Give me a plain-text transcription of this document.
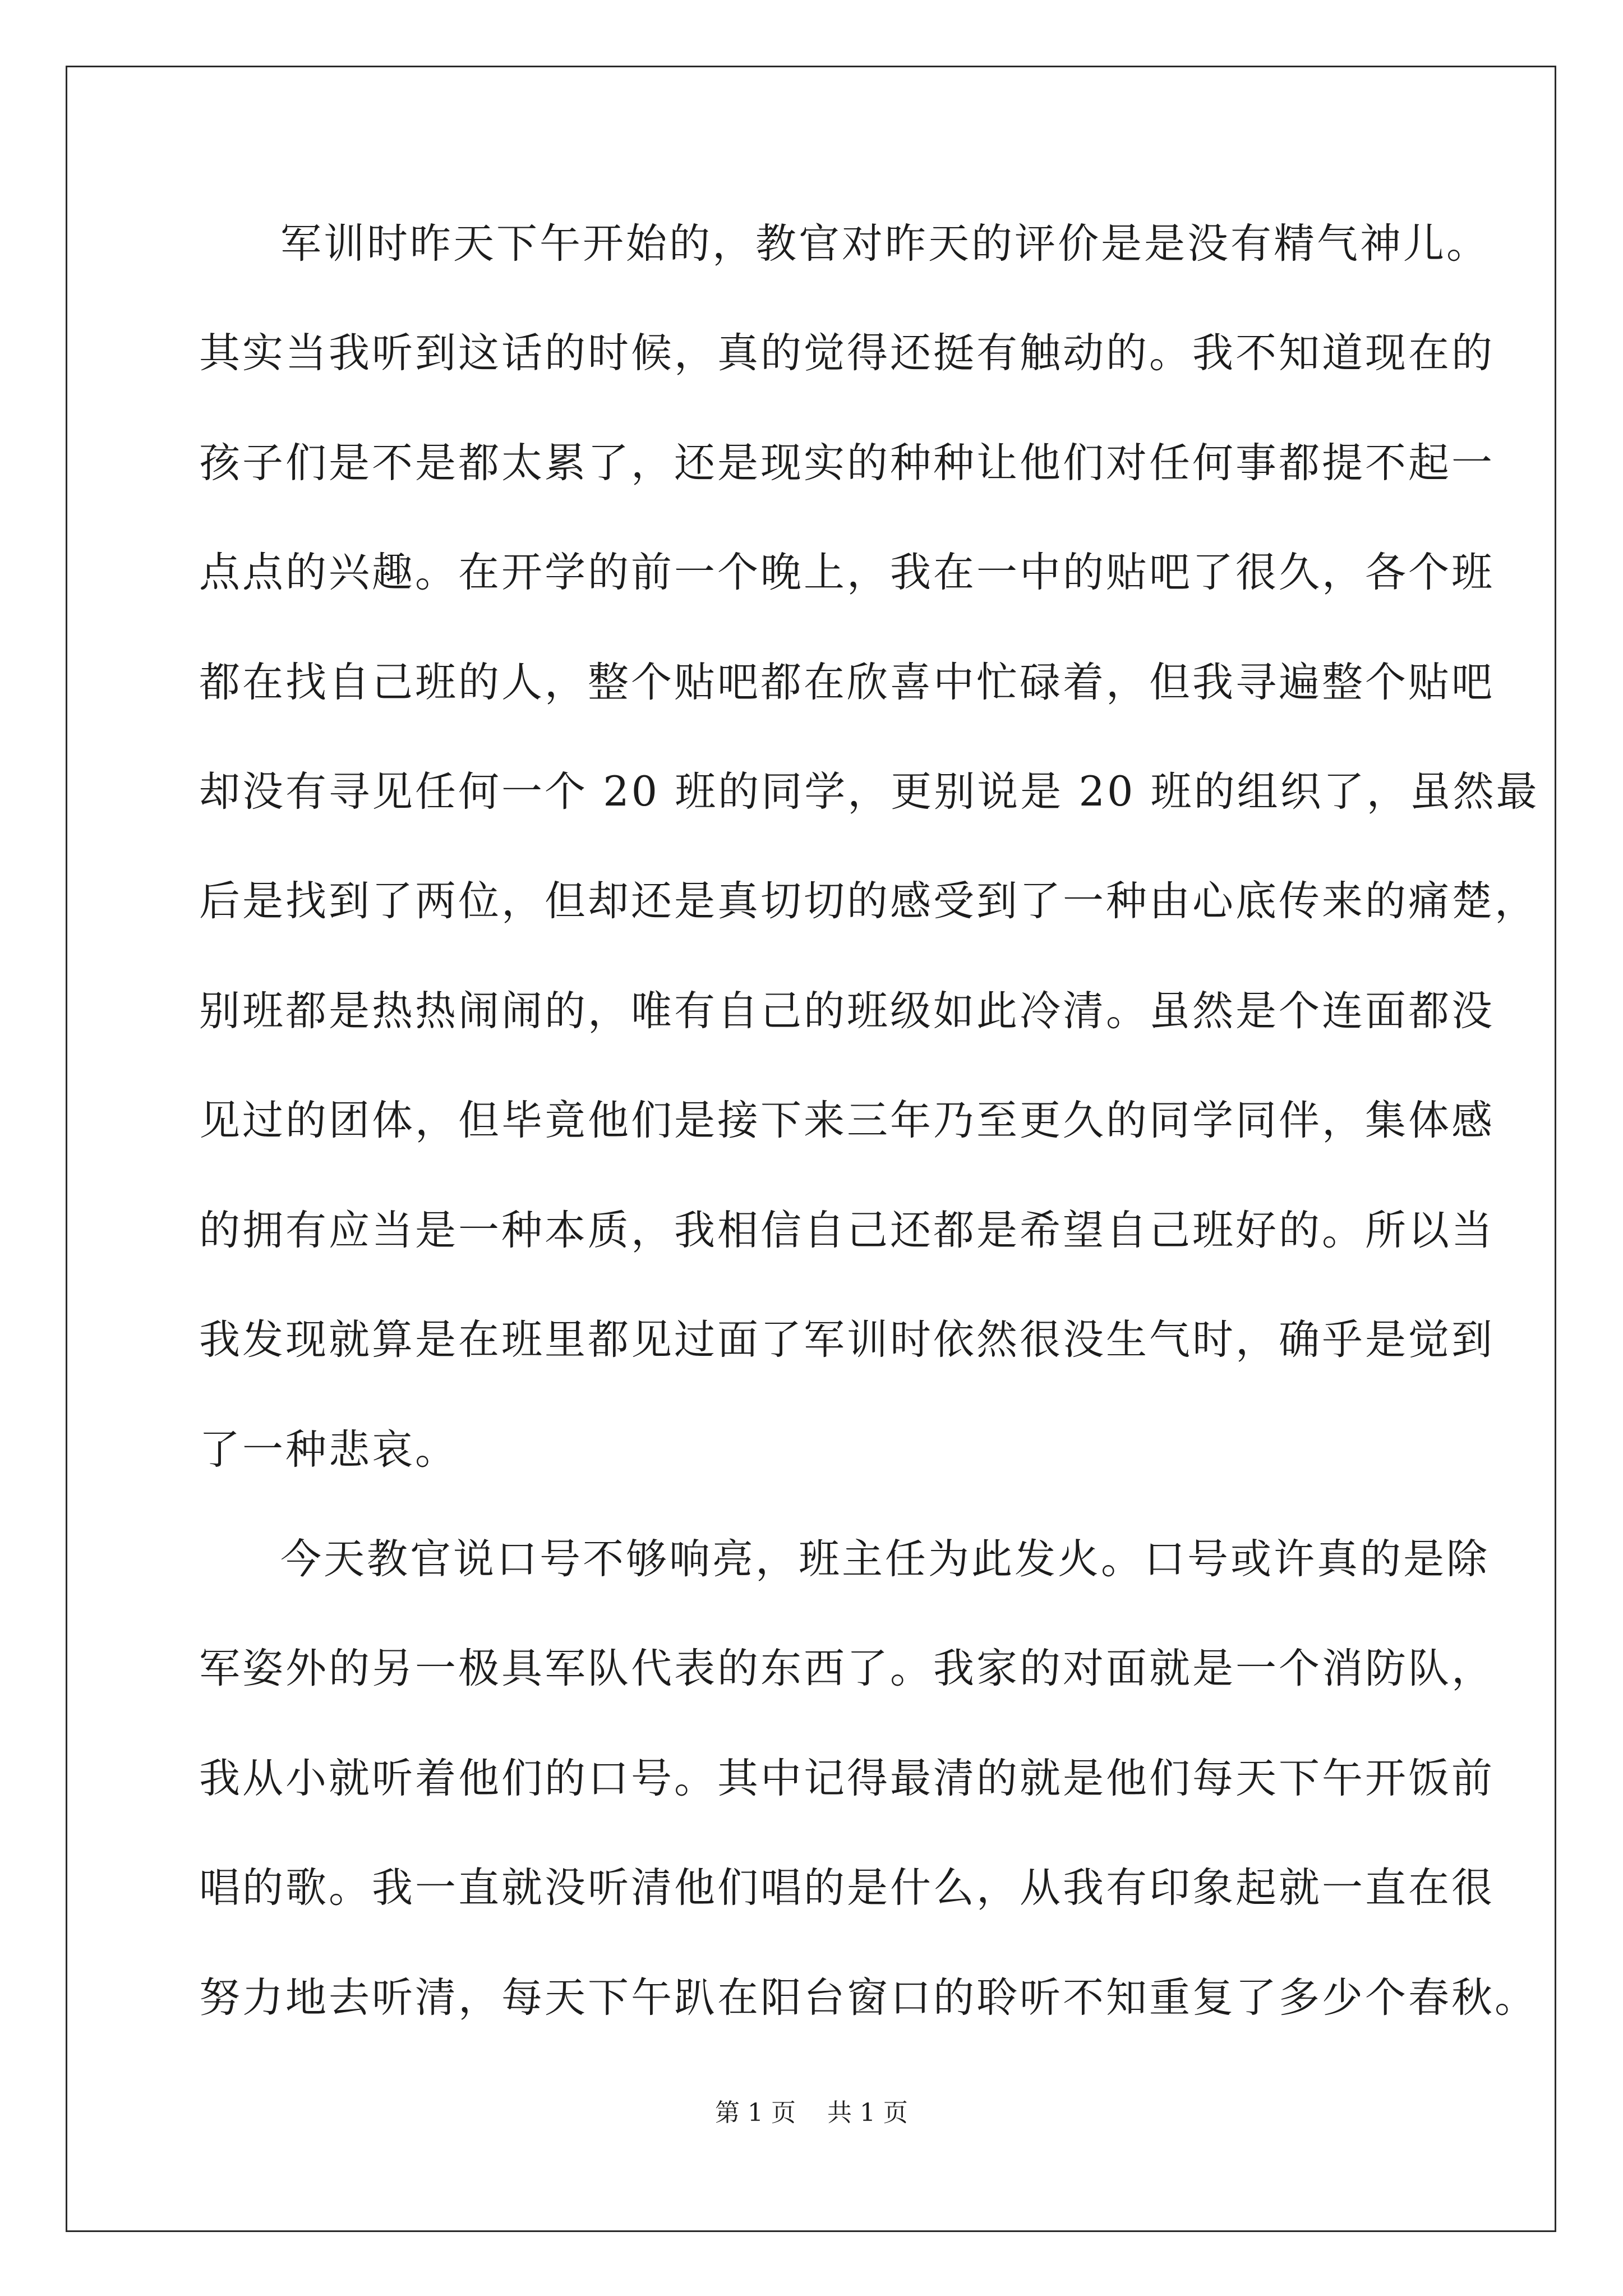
军训时昨天下午开始的，教官对昨天的评价是是没有精气神儿。
其实当我听到这话的时候，真的觉得还挺有触动的。我不知道现在的
孩子们是不是都太累了，还是现实的种种让他们对任何事都提不起一
点点的兴趣。在开学的前一个晚上，我在一中的贴吧了很久，各个班
都在找自己班的人，整个贴吧都在欣喜中忙碌着，但我寻遍整个贴吧
却没有寻见任何一个 20 班的同学，更别说是 20 班的组织了，虽然最
后是找到了两位，但却还是真切切的感受到了一种由心底传来的痛楚，
别班都是热热闹闹的，唯有自己的班级如此冷清。虽然是个连面都没
见过的团体，但毕竟他们是接下来三年乃至更久的同学同伴，集体感
的拥有应当是一种本质，我相信自己还都是希望自己班好的。所以当
我发现就算是在班里都见过面了军训时依然很没生气时，确乎是觉到
了一种悲哀。
今天教官说口号不够响亮，班主任为此发火。口号或许真的是除
军姿外的另一极具军队代表的东西了。我家的对面就是一个消防队，
我从小就听着他们的口号。其中记得最清的就是他们每天下午开饭前
唱的歌。我一直就没听清他们唱的是什么，从我有印象起就一直在很
努力地去听清，每天下午趴在阳台窗口的聆听不知重复了多少个春秋。
第 1 页    共 1 页
